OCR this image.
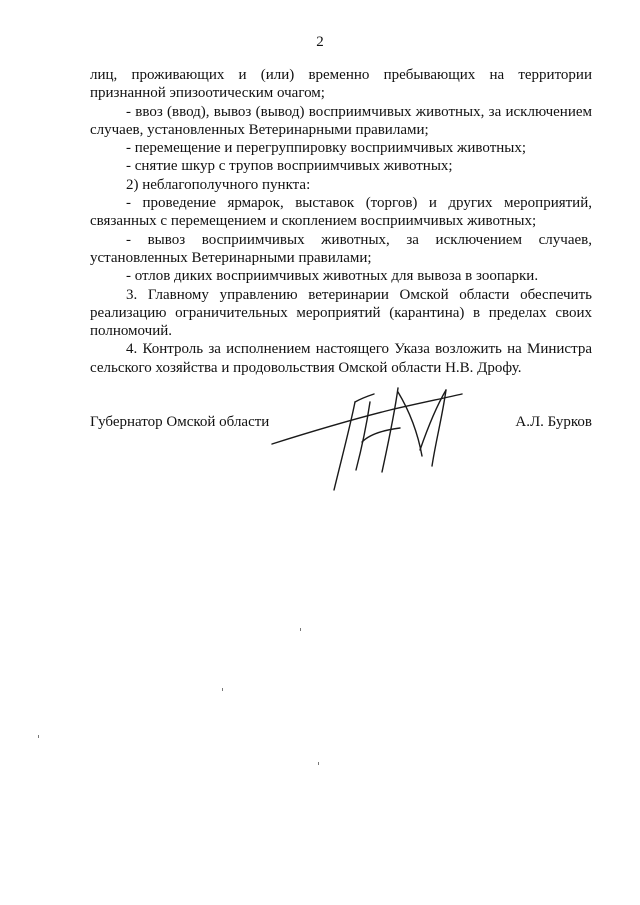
2

лиц, проживающих и (или) временно пребывающих на территории

признанной эпизоотическим очагом;

- ввоз (ввод), вывоз (вывод) восприимчивых животных, за исключением случаев, установленных Ветеринарными правилами;

- перемещение и перегруппировку восприимчивых животных;

- снятие шкур с трупов восприимчивых животных;

2) неблагополучного пункта:

- проведение ярмарок, выставок (торгов) и других мероприятий, связанных с перемещением и скоплением восприимчивых животных;

- вывоз восприимчивых животных, за исключением случаев, установленных Ветеринарными правилами;

- отлов диких восприимчивых животных для вывоза в зоопарки.

3. Главному управлению ветеринарии Омской области обеспечить реализацию ограничительных мероприятий (карантина) в пределах своих полномочий.

4. Контроль за исполнением настоящего Указа возложить на Министра сельского хозяйства и продовольствия Омской области Н.В. Дрофу.

Губернатор Омской области	А.Л. Бурков
